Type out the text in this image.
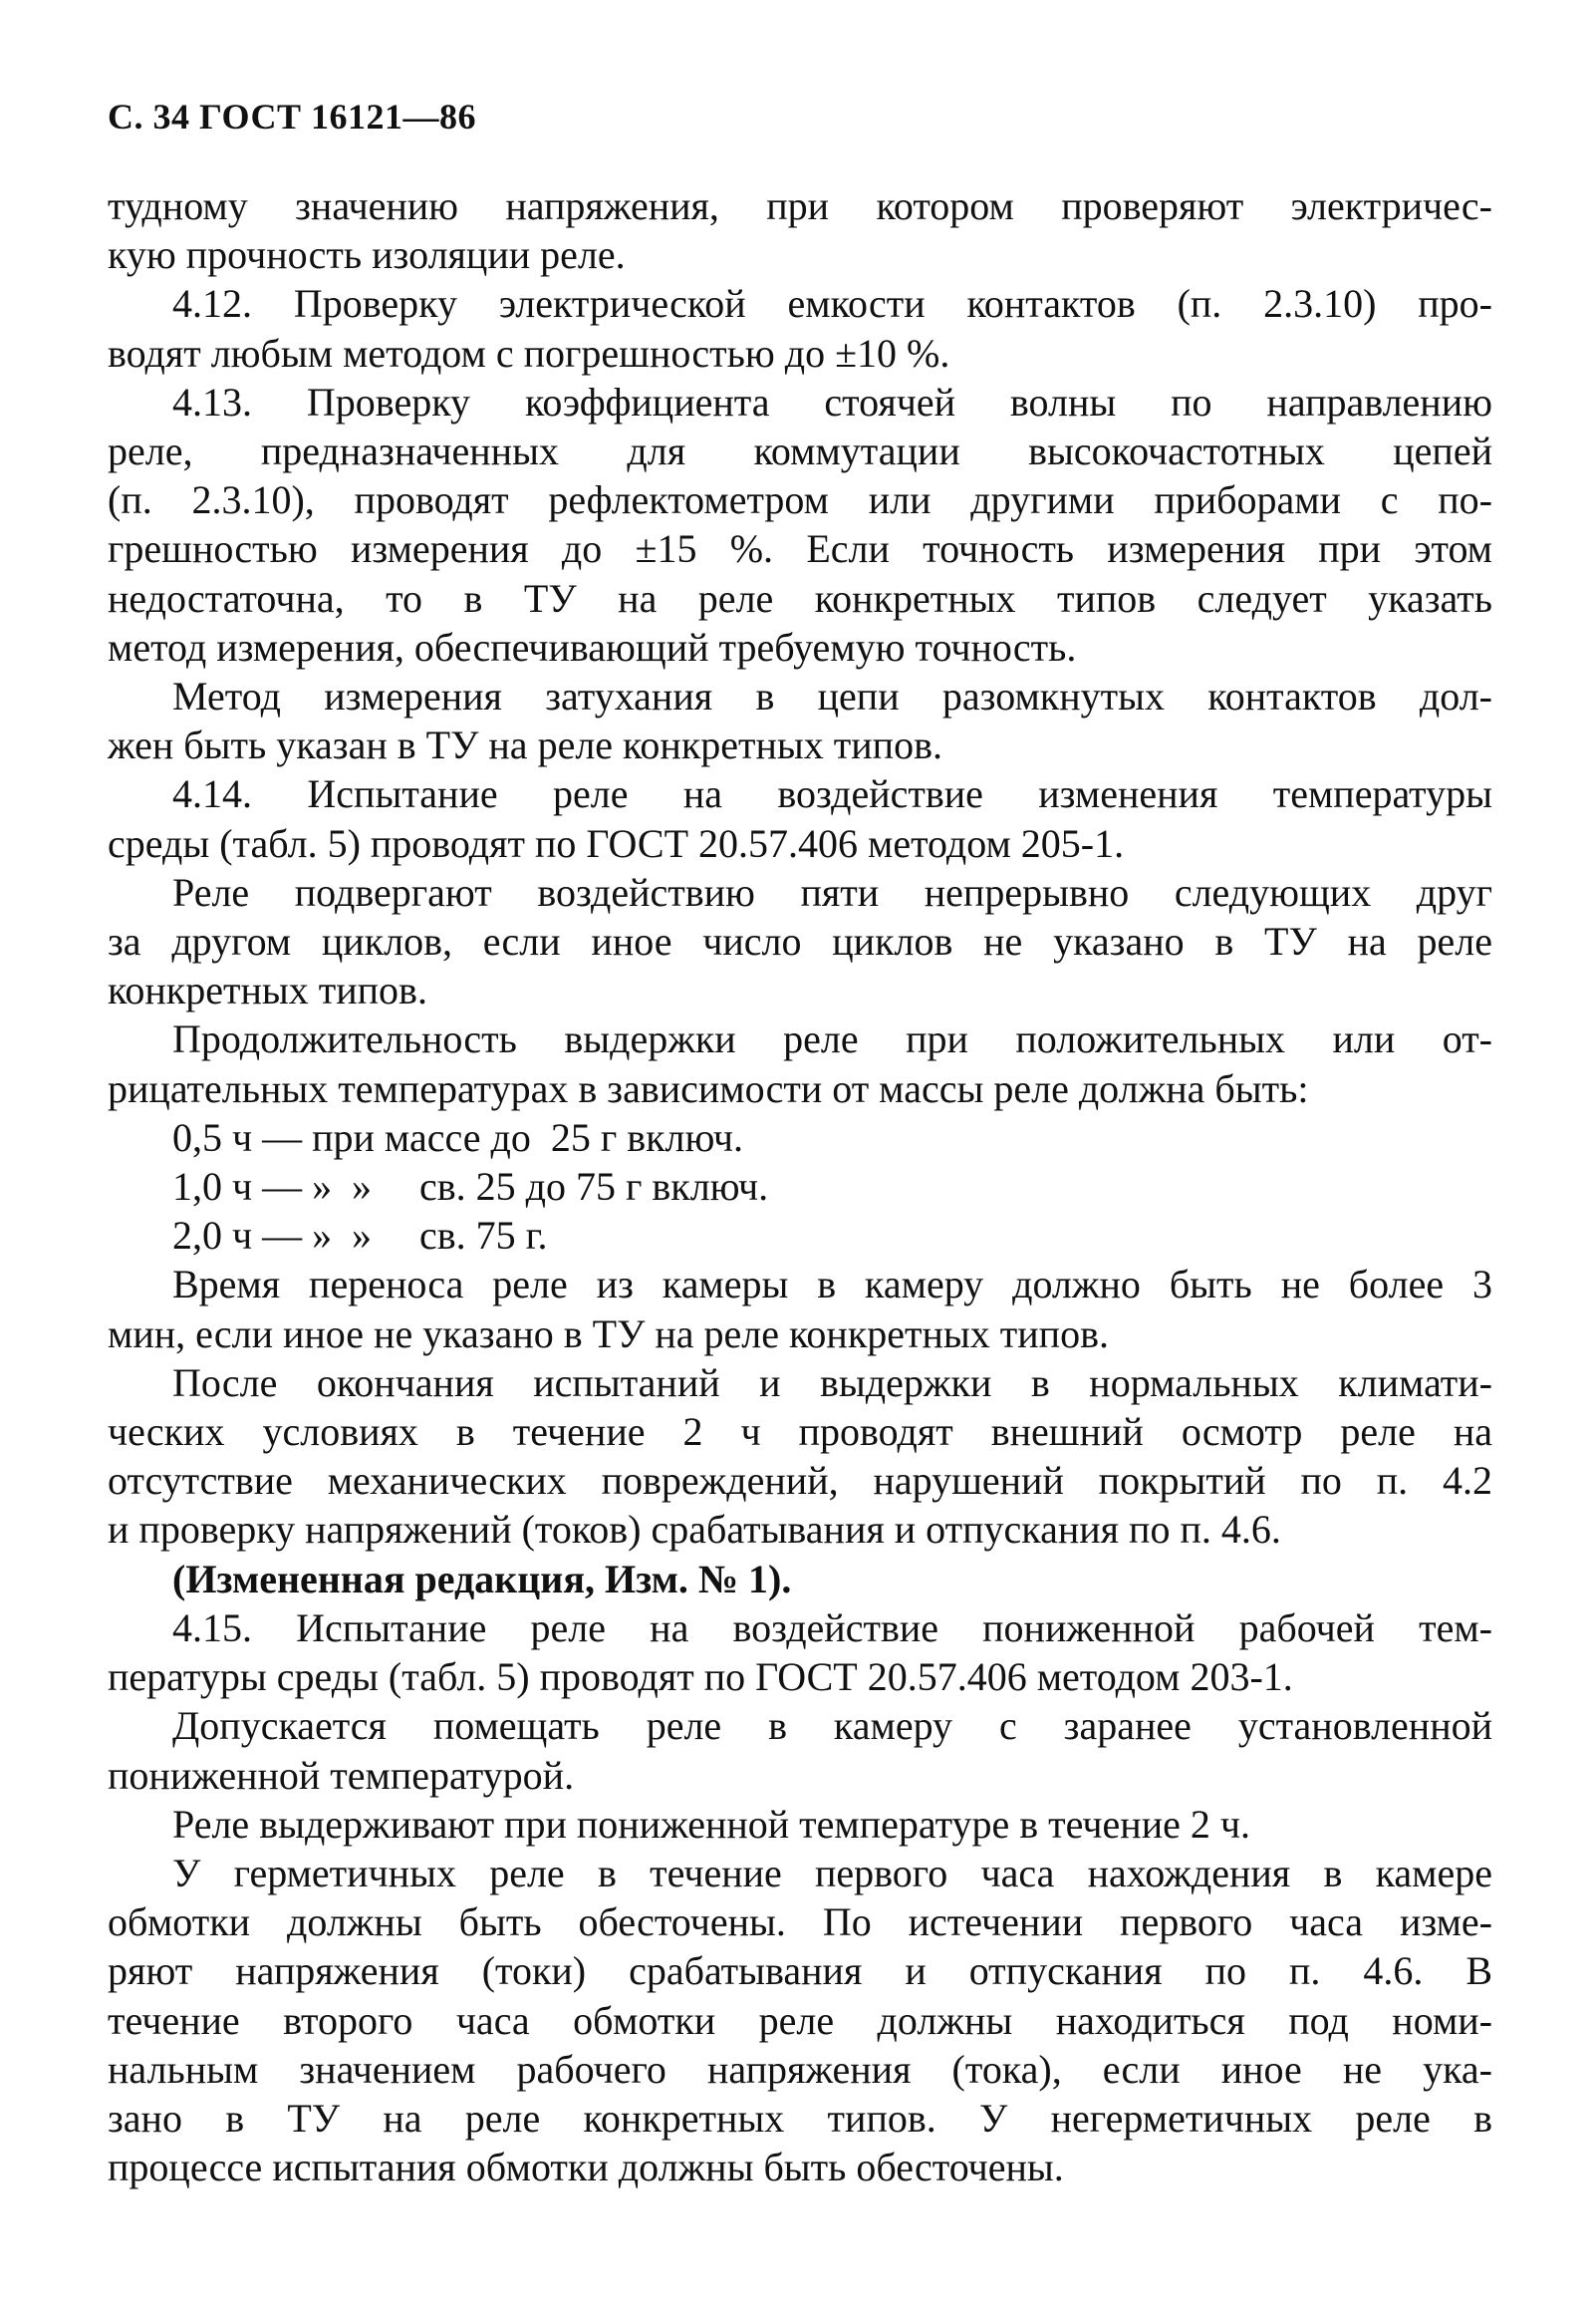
С. 34 ГОСТ 16121—86
тудному значению напряжения, при котором проверяют электричес-
кую прочность изоляции реле.
4.12. Проверку электрической емкости контактов (п. 2.3.10) про-
водят любым методом с погрешностью до ±10 %.
4.13. Проверку коэффициента стоячей волны по направлению
реле, предназначенных для коммутации высокочастотных цепей
(п. 2.3.10), проводят рефлектометром или другими приборами с по-
грешностью измерения до ±15 %. Если точность измерения при этом
недостаточна, то в ТУ на реле конкретных типов следует указать
метод измерения, обеспечивающий требуемую точность.
Метод измерения затухания в цепи разомкнутых контактов дол-
жен быть указан в ТУ на реле конкретных типов.
4.14. Испытание реле на воздействие изменения температуры
среды (табл. 5) проводят по ГОСТ 20.57.406 методом 205-1.
Реле подвергают воздействию пяти непрерывно следующих друг
за другом циклов, если иное число циклов не указано в ТУ на реле
конкретных типов.
Продолжительность выдержки реле при положительных или от-
рицательных температурах в зависимости от массы реле должна быть:
0,5 ч — при массе до
25 г включ.
1,0 ч — » »	св. 25 до 75 г включ.
2,0 ч — » »	св. 75 г.
Время переноса реле из камеры в камеру должно быть не более 3
мин, если иное не указано в ТУ на реле конкретных типов.
После окончания испытаний и выдержки в нормальных климати-
ческих условиях в течение 2 ч проводят внешний осмотр реле на
отсутствие механических повреждений, нарушений покрытий по п. 4.2
и проверку напряжений (токов) срабатывания и отпускания по п. 4.6.
(Измененная редакция, Изм. № 1).
4.15. Испытание реле на воздействие пониженной рабочей тем-
пературы среды (табл. 5) проводят по ГОСТ 20.57.406 методом 203-1.
Допускается помещать реле в камеру с заранее установленной
пониженной температурой.
Реле выдерживают при пониженной температуре в течение 2 ч.
У герметичных реле в течение первого часа нахождения в камере
обмотки должны быть обесточены. По истечении первого часа изме-
ряют напряжения (токи) срабатывания и отпускания по п. 4.6. В
течение второго часа обмотки реле должны находиться под номи-
нальным значением рабочего напряжения (тока), если иное не ука-
зано в ТУ на реле конкретных типов. У негерметичных реле в
процессе испытания обмотки должны быть обесточены.
